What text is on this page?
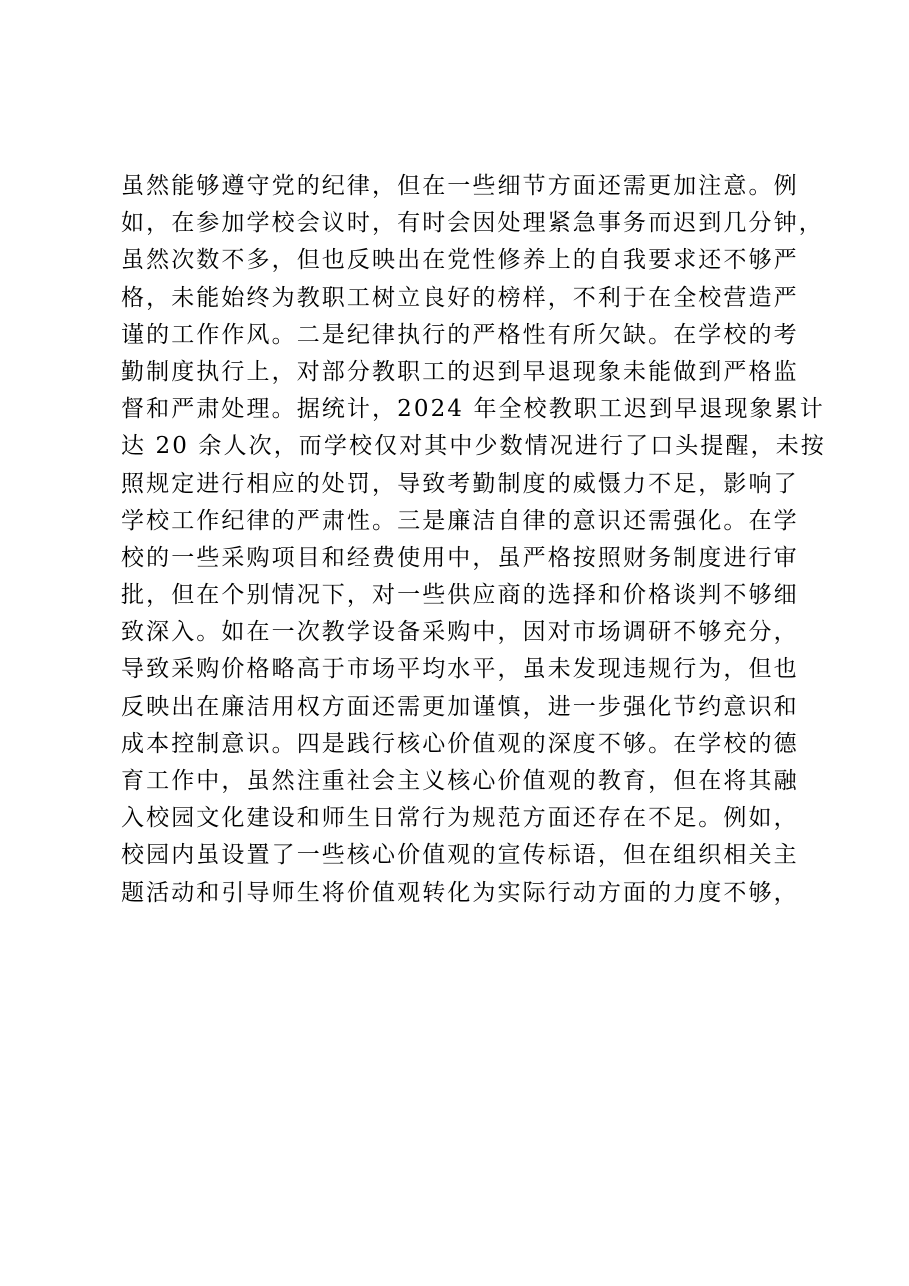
虽然能够遵守党的纪律，但在一些细节方面还需更加注意。例
如，在参加学校会议时，有时会因处理紧急事务而迟到几分钟，
虽然次数不多，但也反映出在党性修养上的自我要求还不够严
格，未能始终为教职工树立良好的榜样，不利于在全校营造严
谨的工作作风。二是纪律执行的严格性有所欠缺。在学校的考
勤制度执行上，对部分教职工的迟到早退现象未能做到严格监
督和严肃处理。据统计，2024 年全校教职工迟到早退现象累计
达 20 余人次，而学校仅对其中少数情况进行了口头提醒，未按
照规定进行相应的处罚，导致考勤制度的威慑力不足，影响了
学校工作纪律的严肃性。三是廉洁自律的意识还需强化。在学
校的一些采购项目和经费使用中，虽严格按照财务制度进行审
批，但在个别情况下，对一些供应商的选择和价格谈判不够细
致深入。如在一次教学设备采购中，因对市场调研不够充分，
导致采购价格略高于市场平均水平，虽未发现违规行为，但也
反映出在廉洁用权方面还需更加谨慎，进一步强化节约意识和
成本控制意识。四是践行核心价值观的深度不够。在学校的德
育工作中，虽然注重社会主义核心价值观的教育，但在将其融
入校园文化建设和师生日常行为规范方面还存在不足。例如，
校园内虽设置了一些核心价值观的宣传标语，但在组织相关主
题活动和引导师生将价值观转化为实际行动方面的力度不够，
